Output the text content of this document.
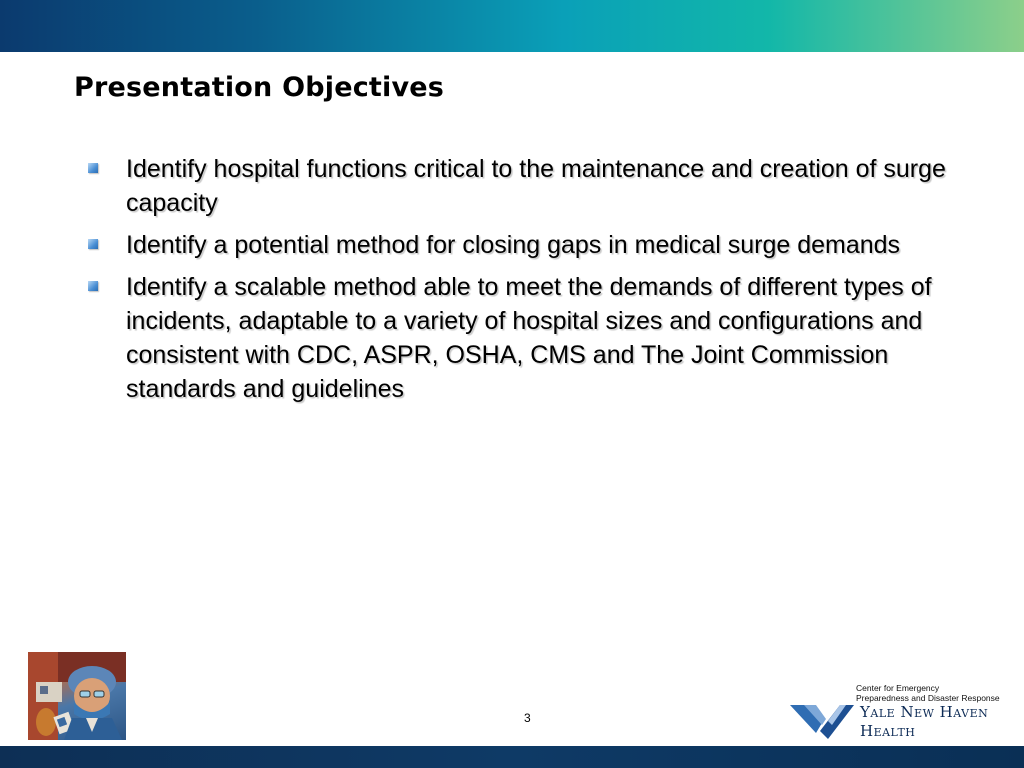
Presentation Objectives
Identify hospital functions critical to the maintenance and creation of surge capacity
Identify a potential method for closing gaps in medical surge demands
Identify a scalable method able to meet the demands of different types of incidents, adaptable to a variety of hospital sizes and configurations and consistent with CDC, ASPR, OSHA, CMS and The Joint Commission standards and guidelines
3
Center for Emergency
Preparedness and Disaster Response
Yale New Haven
Health
